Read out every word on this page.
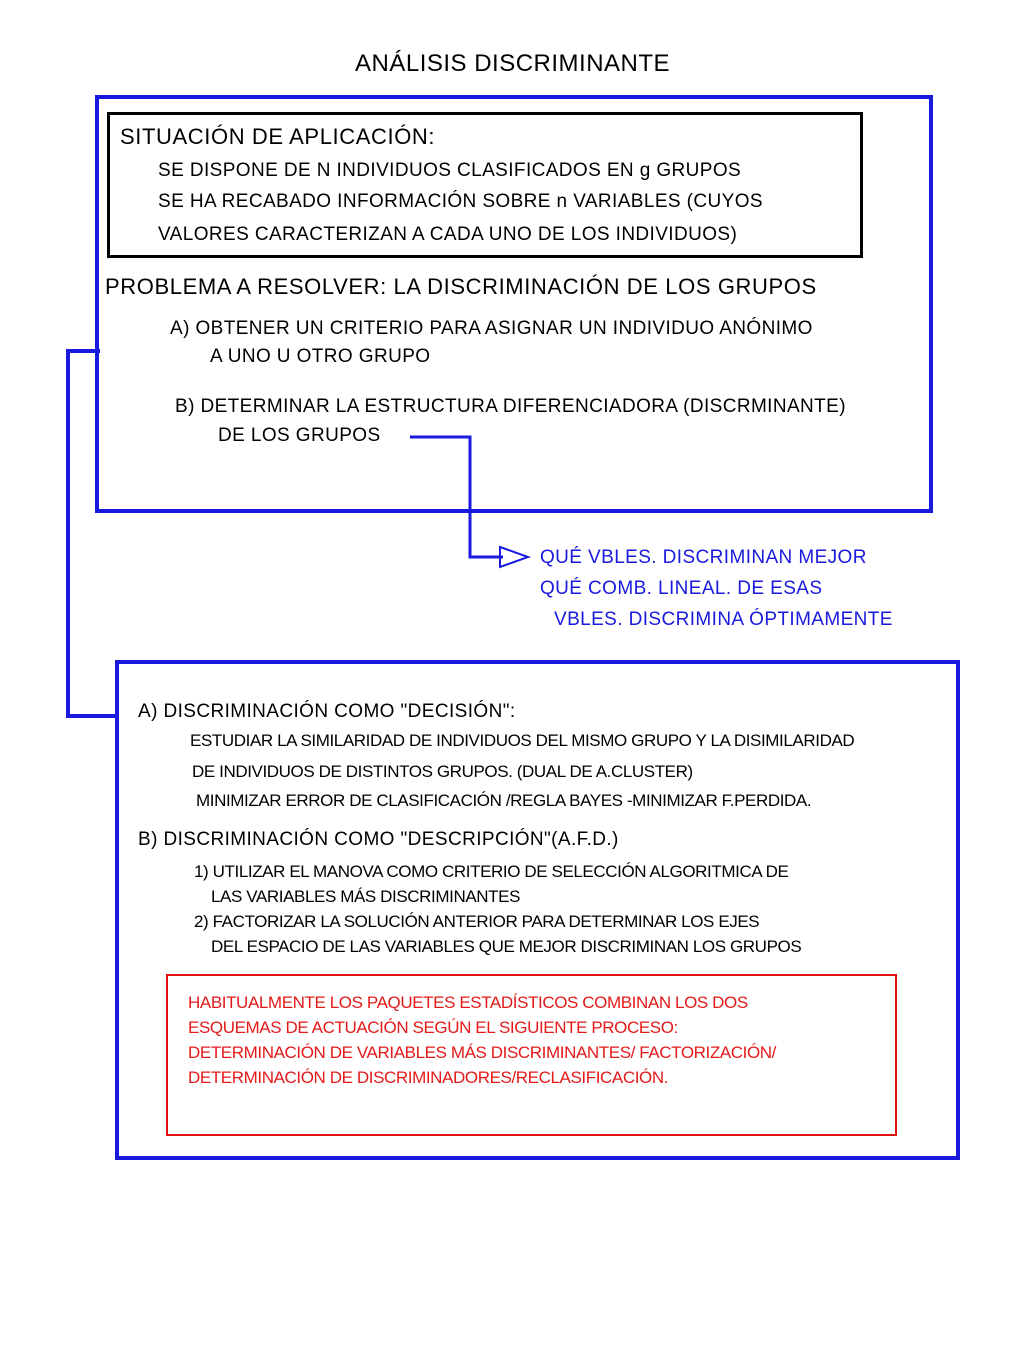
ANÁLISIS DISCRIMINANTE
SITUACIÓN DE APLICACIÓN:
SE DISPONE DE N INDIVIDUOS CLASIFICADOS EN g GRUPOS
SE HA RECABADO INFORMACIÓN SOBRE n VARIABLES (CUYOS
VALORES CARACTERIZAN A CADA UNO DE LOS INDIVIDUOS)
PROBLEMA A RESOLVER: LA DISCRIMINACIÓN DE LOS GRUPOS
A) OBTENER UN CRITERIO PARA ASIGNAR UN INDIVIDUO ANÓNIMO
A UNO U OTRO GRUPO
B) DETERMINAR LA ESTRUCTURA DIFERENCIADORA (DISCRMINANTE)
DE LOS GRUPOS
QUÉ VBLES. DISCRIMINAN MEJOR
QUÉ COMB. LINEAL. DE ESAS
VBLES. DISCRIMINA ÓPTIMAMENTE
A) DISCRIMINACIÓN COMO "DECISIÓN":
ESTUDIAR LA SIMILARIDAD DE INDIVIDUOS DEL MISMO GRUPO Y LA DISIMILARIDAD
DE INDIVIDUOS DE DISTINTOS GRUPOS. (DUAL DE A.CLUSTER)
MINIMIZAR ERROR DE CLASIFICACIÓN /REGLA BAYES -MINIMIZAR F.PERDIDA.
B) DISCRIMINACIÓN COMO "DESCRIPCIÓN"(A.F.D.)
1) UTILIZAR EL MANOVA COMO CRITERIO DE SELECCIÓN ALGORITMICA DE
LAS VARIABLES MÁS DISCRIMINANTES
2) FACTORIZAR LA SOLUCIÓN ANTERIOR PARA DETERMINAR LOS EJES
DEL ESPACIO DE LAS VARIABLES QUE MEJOR DISCRIMINAN LOS GRUPOS
HABITUALMENTE LOS PAQUETES ESTADÍSTICOS COMBINAN LOS DOS
ESQUEMAS DE ACTUACIÓN SEGÚN EL SIGUIENTE PROCESO:
DETERMINACIÓN DE VARIABLES MÁS DISCRIMINANTES/ FACTORIZACIÓN/
DETERMINACIÓN DE DISCRIMINADORES/RECLASIFICACIÓN.
